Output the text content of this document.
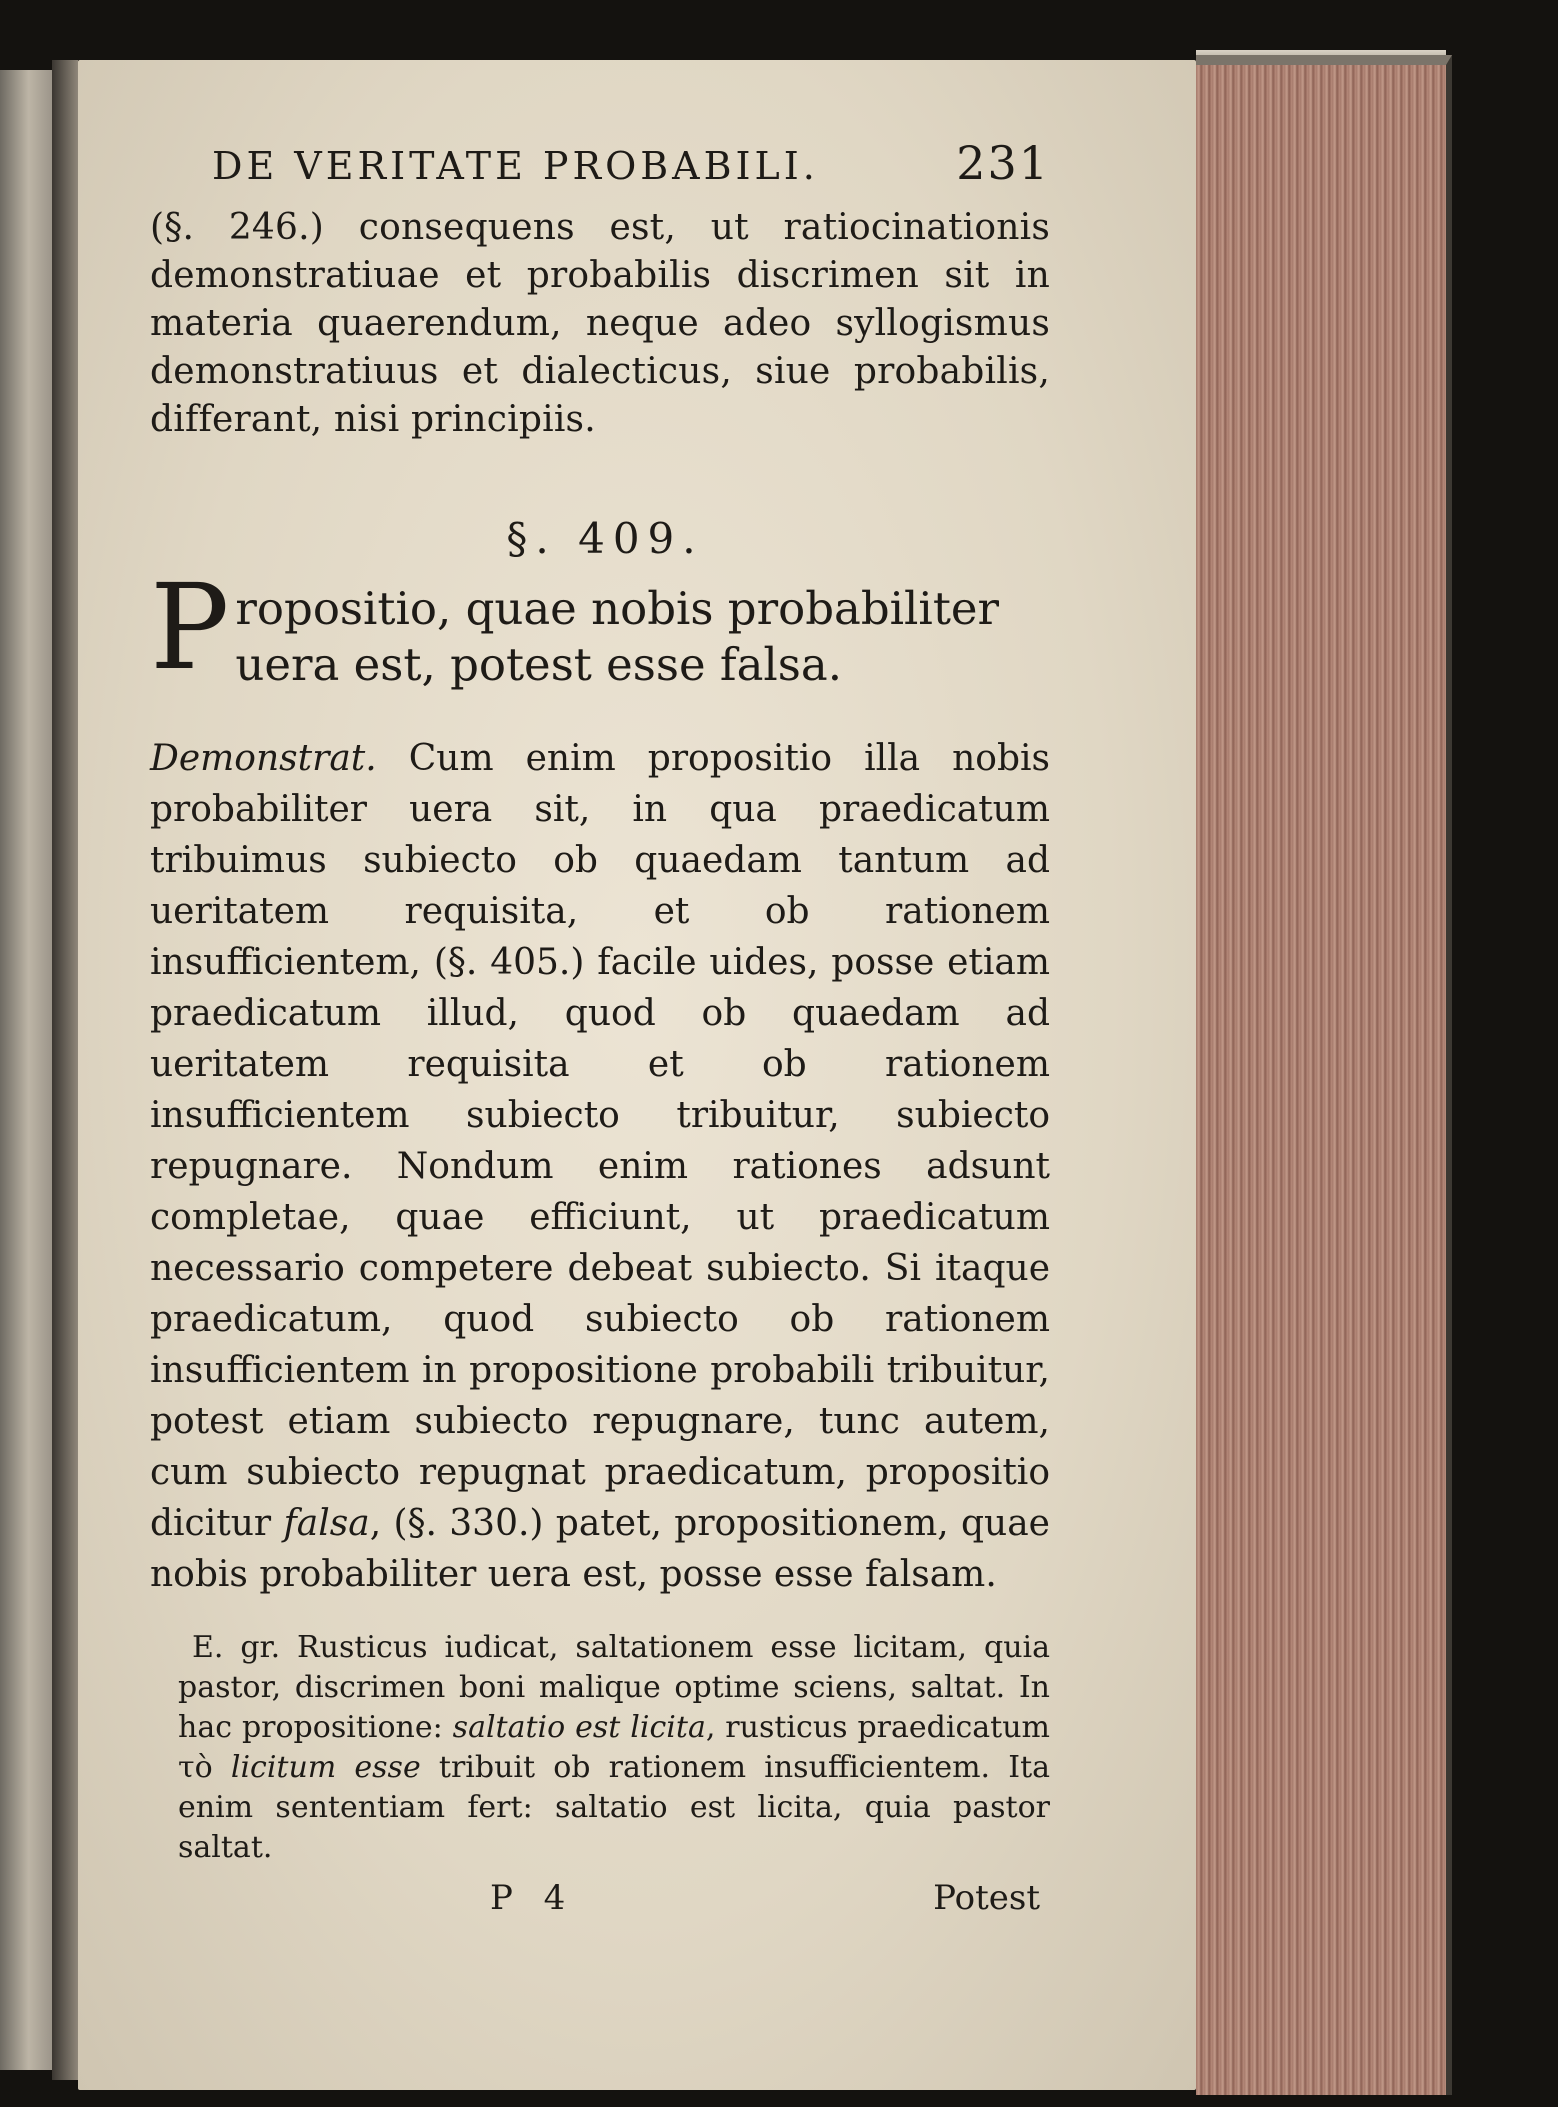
DE VERITATE PROBABILI.	231
(§. 246.) consequens est, ut ratiocinationis demonstratiuae et probabilis discrimen sit in materia quaerendum, neque adeo syllogismus demonstratiuus et dialecticus, siue probabilis, differant, nisi principiis.
§. 409.
P ropositio, quae nobis probabiliter uera est, potest esse falsa.
Demonstrat. Cum enim propositio illa nobis probabiliter uera sit, in qua praedicatum tribuimus subiecto ob quaedam tantum ad ueritatem requisita, et ob rationem insufficientem, (§. 405.) facile uides, posse etiam praedicatum illud, quod ob quaedam ad ueritatem requisita et ob rationem insufficientem subiecto tribuitur, subiecto repugnare. Nondum enim rationes adsunt completae, quae efficiunt, ut praedicatum necessario competere debeat subiecto. Si itaque praedicatum, quod subiecto ob rationem insufficientem in propositione probabili tribuitur, potest etiam subiecto repugnare, tunc autem, cum subiecto repugnat praedicatum, propositio dicitur falsa, (§. 330.) patet, propositionem, quae nobis probabiliter uera est, posse esse falsam.
E. gr. Rusticus iudicat, saltationem esse licitam, quia pastor, discrimen boni malique optime sciens, saltat. In hac propositione: saltatio est licita, rusticus praedicatum τὸ licitum esse tribuit ob rationem insufficientem. Ita enim sententiam fert: saltatio est licita, quia pastor saltat.
P 4	Potest
